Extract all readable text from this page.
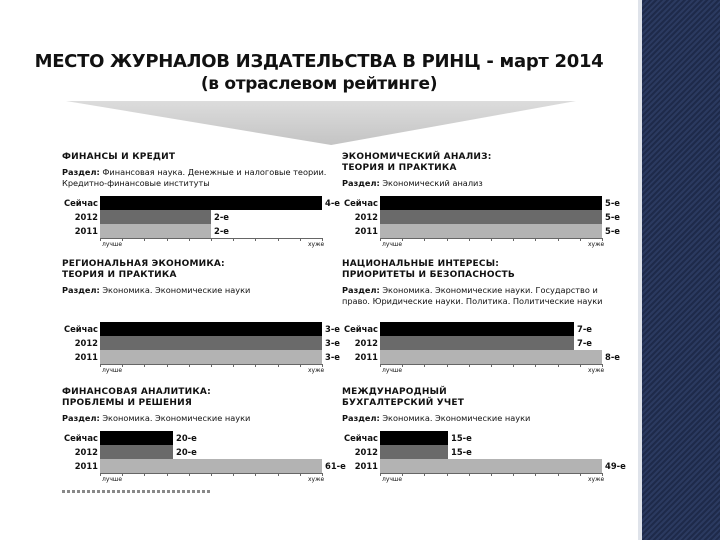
МЕСТО ЖУРНАЛОВ ИЗДАТЕЛЬСТВА В РИНЦ - март 2014
(в отраслевом рейтинге)
ФИНАНСЫ И КРЕДИТ
Раздел: Финансовая наука. Денежные и налоговые теории. Кредитно-финансовые институты
Сейчас	4-е
2012	2-е
2011	2-е
лучше	хуже
ЭКОНОМИЧЕСКИЙ АНАЛИЗ: ТЕОРИЯ И ПРАКТИКА
Раздел: Экономический анализ
Сейчас	5-е
2012	5-е
2011	5-е
лучше	хуже
РЕГИОНАЛЬНАЯ ЭКОНОМИКА: ТЕОРИЯ И ПРАКТИКА
Раздел: Экономика. Экономические науки
Сейчас	3-е
2012	3-е
2011	3-е
лучше	хуже
НАЦИОНАЛЬНЫЕ ИНТЕРЕСЫ: ПРИОРИТЕТЫ И БЕЗОПАСНОСТЬ
Раздел: Экономика. Экономические науки. Государство и право. Юридические науки. Политика. Политические науки
Сейчас	7-е
2012	7-е
2011	8-е
лучше	хуже
ФИНАНСОВАЯ АНАЛИТИКА: ПРОБЛЕМЫ И РЕШЕНИЯ
Раздел: Экономика. Экономические науки
Сейчас	20-е
2012	20-е
2011	61-е
лучше	хуже
МЕЖДУНАРОДНЫЙ БУХГАЛТЕРСКИЙ УЧЕТ
Раздел: Экономика. Экономические науки
Сейчас	15-е
2012	15-е
2011	49-е
лучше	хуже
